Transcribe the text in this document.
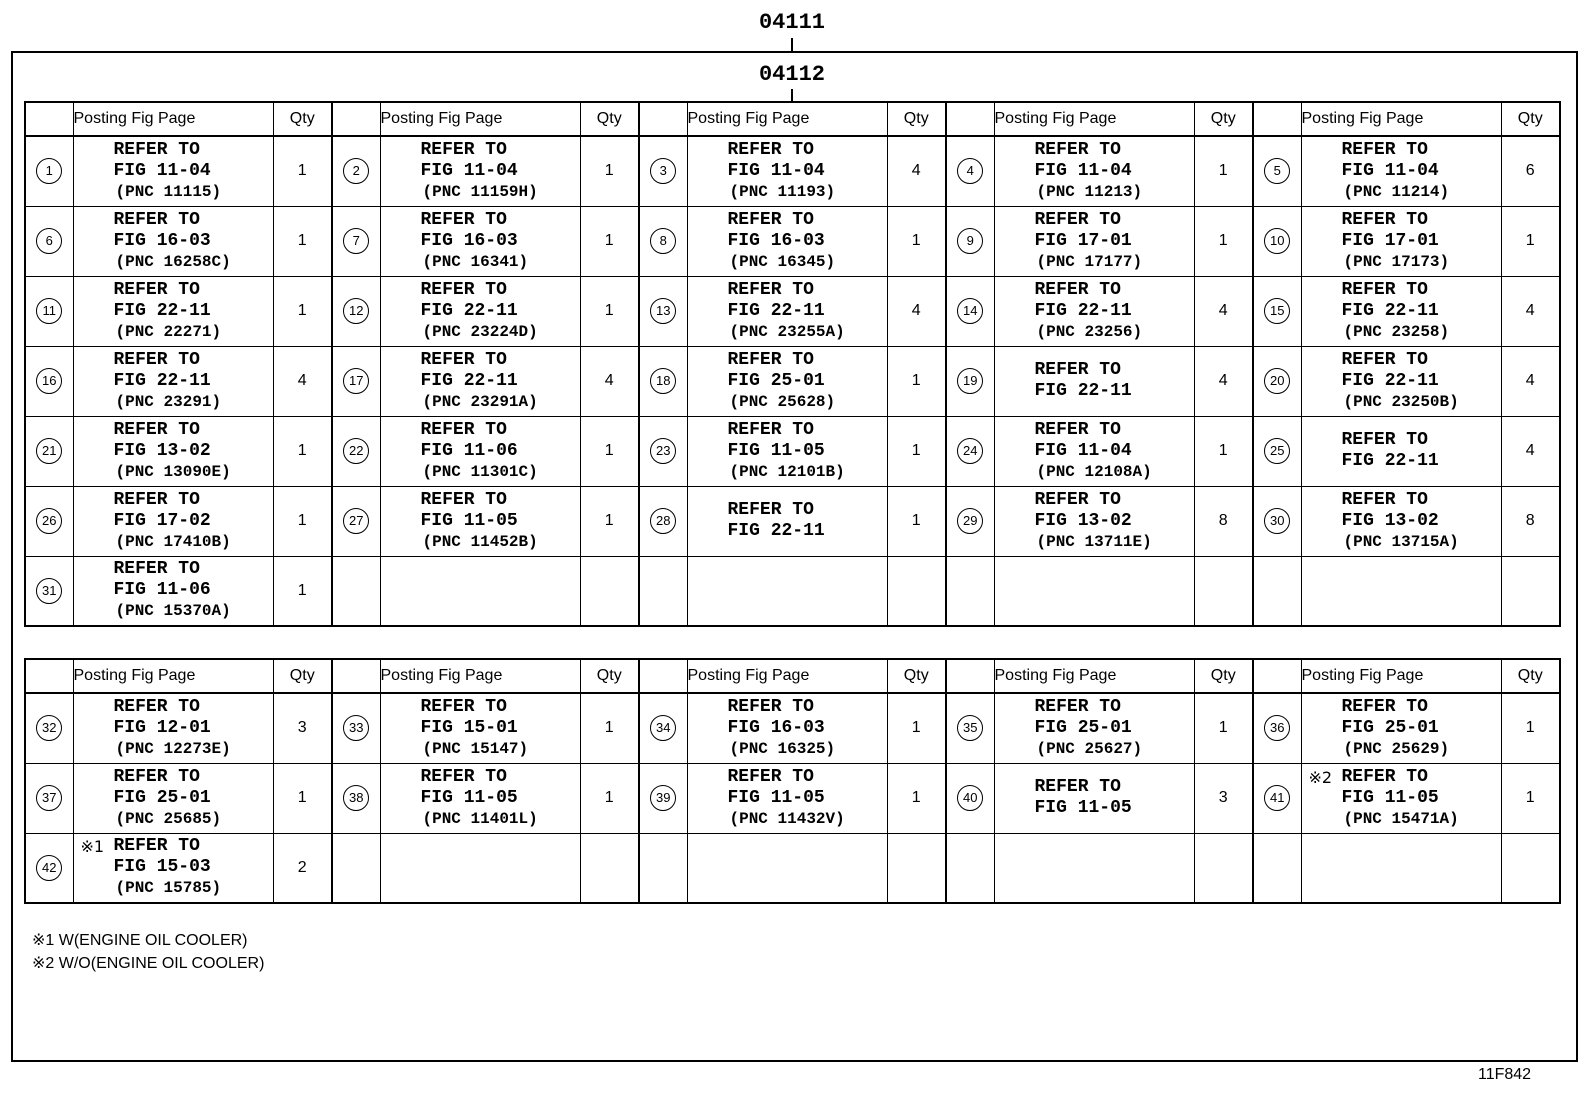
04111
04112
	Posting Fig Page	Qty		Posting Fig Page	Qty		Posting Fig Page	Qty		Posting Fig Page	Qty		Posting Fig Page	Qty
1	REFER TO
FIG 11-04
(PNC 11115)	1	2	REFER TO
FIG 11-04
(PNC 11159H)	1	3	REFER TO
FIG 11-04
(PNC 11193)	4	4	REFER TO
FIG 11-04
(PNC 11213)	1	5	REFER TO
FIG 11-04
(PNC 11214)	6
6	REFER TO
FIG 16-03
(PNC 16258C)	1	7	REFER TO
FIG 16-03
(PNC 16341)	1	8	REFER TO
FIG 16-03
(PNC 16345)	1	9	REFER TO
FIG 17-01
(PNC 17177)	1	10	REFER TO
FIG 17-01
(PNC 17173)	1
11	REFER TO
FIG 22-11
(PNC 22271)	1	12	REFER TO
FIG 22-11
(PNC 23224D)	1	13	REFER TO
FIG 22-11
(PNC 23255A)	4	14	REFER TO
FIG 22-11
(PNC 23256)	4	15	REFER TO
FIG 22-11
(PNC 23258)	4
16	REFER TO
FIG 22-11
(PNC 23291)	4	17	REFER TO
FIG 22-11
(PNC 23291A)	4	18	REFER TO
FIG 25-01
(PNC 25628)	1	19	REFER TO
FIG 22-11	4	20	REFER TO
FIG 22-11
(PNC 23250B)	4
21	REFER TO
FIG 13-02
(PNC 13090E)	1	22	REFER TO
FIG 11-06
(PNC 11301C)	1	23	REFER TO
FIG 11-05
(PNC 12101B)	1	24	REFER TO
FIG 11-04
(PNC 12108A)	1	25	REFER TO
FIG 22-11	4
26	REFER TO
FIG 17-02
(PNC 17410B)	1	27	REFER TO
FIG 11-05
(PNC 11452B)	1	28	REFER TO
FIG 22-11	1	29	REFER TO
FIG 13-02
(PNC 13711E)	8	30	REFER TO
FIG 13-02
(PNC 13715A)	8
31	REFER TO
FIG 11-06
(PNC 15370A)	1												
	Posting Fig Page	Qty		Posting Fig Page	Qty		Posting Fig Page	Qty		Posting Fig Page	Qty		Posting Fig Page	Qty
32	REFER TO
FIG 12-01
(PNC 12273E)	3	33	REFER TO
FIG 15-01
(PNC 15147)	1	34	REFER TO
FIG 16-03
(PNC 16325)	1	35	REFER TO
FIG 25-01
(PNC 25627)	1	36	REFER TO
FIG 25-01
(PNC 25629)	1
37	REFER TO
FIG 25-01
(PNC 25685)	1	38	REFER TO
FIG 11-05
(PNC 11401L)	1	39	REFER TO
FIG 11-05
(PNC 11432V)	1	40	REFER TO
FIG 11-05	3	41	※2 REFER TO
FIG 11-05
(PNC 15471A)	1
42	※1 REFER TO
FIG 15-03
(PNC 15785)	2												
※1 W(ENGINE OIL COOLER)
※2 W/O(ENGINE OIL COOLER)
11F842
